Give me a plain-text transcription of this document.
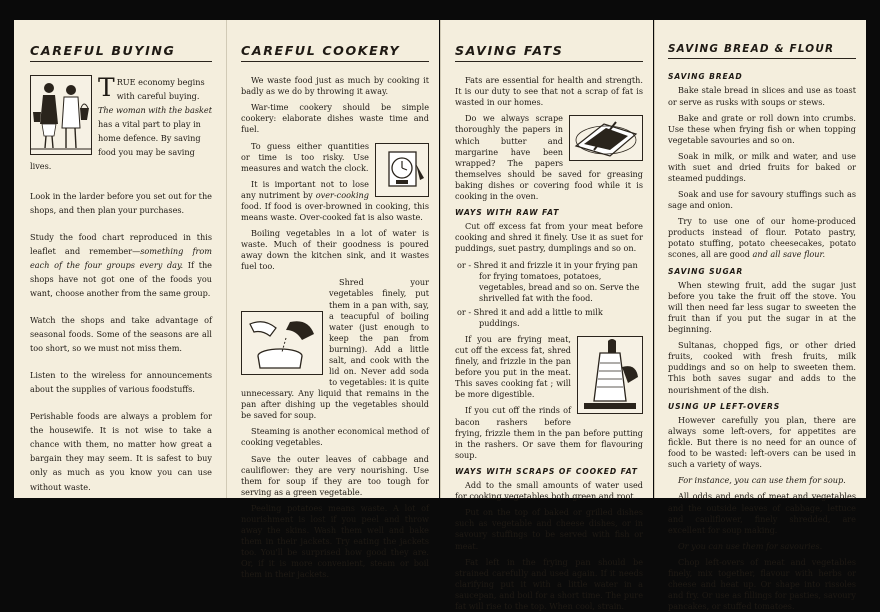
CAREFUL BUYING
TRUE economy begins with careful buying. The woman with the basket has a vital part to play in home defence. By saving food you may be saving lives.

Look in the larder before you set out for the shops, and then plan your purchases.

Study the food chart reproduced in this leaflet and remember—something from each of the four groups every day. If the shops have not got one of the foods you want, choose another from the same group.

Watch the shops and take advantage of seasonal foods. Some of the seasons are all too short, so we must not miss them.

Listen to the wireless for announcements about the supplies of various foodstuffs.

Perishable foods are always a problem for the housewife. It is not wise to take a chance with them, no matter how great a bargain they may seem. It is safest to buy only as much as you know you can use without waste.

CAREFUL COOKERY

We waste food just as much by cooking it badly as we do by throwing it away.

War-time cookery should be simple cookery: elaborate dishes waste time and fuel.

To guess either quantities or time is too risky. Use measures and watch the clock.

It is important not to lose any nutriment by over-cooking food. If food is over-browned in cooking, this means waste. Over-cooked fat is also waste.

Boiling vegetables in a lot of water is waste. Much of their goodness is poured away down the kitchen sink, and it wastes fuel too.

Shred your vegetables finely, put them in a pan with, say, a teacupful of boiling water (just enough to keep the pan from burning). Add a little salt, and cook with the lid on. Never add soda to vegetables: it is quite unnecessary. Any liquid that remains in the pan after dishing up the vegetables should be saved for soup.

Steaming is another economical method of cooking vegetables.

Save the outer leaves of cabbage and cauliflower: they are very nourishing. Use them for soup if they are too tough for serving as a green vegetable.

Peeling potatoes means waste. A lot of nourishment is lost if you peel and throw away the skins. Wash them well and bake them in their jackets. Try eating the jackets too. You'll be surprised how good they are. Or, if it is more convenient, steam or boil them in their jackets.

SAVING FATS

Fats are essential for health and strength. It is our duty to see that not a scrap of fat is wasted in our homes.

Do we always scrape thoroughly the papers in which butter and margarine have been wrapped? The papers themselves should be saved for greasing baking dishes or covering food while it is cooking in the oven.

WAYS WITH RAW FAT

Cut off excess fat from your meat before cooking and shred it finely. Use it as suet for puddings, suet pastry, dumplings and so on.

or - Shred it and frizzle it in your frying pan for frying tomatoes, potatoes, vegetables, bread and so on. Serve the shrivelled fat with the food.
or - Shred it and add a little to milk puddings.

If you are frying meat, cut off the excess fat, shred finely, and frizzle in the pan before you put in the meat. This saves cooking fat ; will be more digestible.

If you cut off the rinds of bacon rashers before frying, frizzle them in the pan before putting in the rashers. Or save them for flavouring soup.

WAYS WITH SCRAPS OF COOKED FAT

Add to the small amounts of water used for cooking vegetables both green and root.

Put on the top of baked or grilled dishes such as vegetable and cheese dishes, or in savoury stuffings to be served with fish or meat.

Fat left in the frying pan should be strained carefully and used again. If it needs clarifying put it with a little water in a saucepan, and boil for a short time. The pure fat will rise to the top. When cool, strain.

SAVING BREAD & FLOUR
SAVING BREAD

Bake stale bread in slices and use as toast or serve as rusks with soups or stews.

Bake and grate or roll down into crumbs. Use these when frying fish or when topping vegetable savouries and so on.

Soak in milk, or milk and water, and use with suet and dried fruits for baked or steamed puddings.

Soak and use for savoury stuffings such as sage and onion.

Try to use one of our home-produced products instead of flour. Potato pastry, potato stuffing, potato cheesecakes, potato scones, all are good and all save flour.

SAVING SUGAR

When stewing fruit, add the sugar just before you take the fruit off the stove. You will then need far less sugar to sweeten the fruit than if you put the sugar in at the beginning.

Sultanas, chopped figs, or other dried fruits, cooked with fresh fruits, milk puddings and so on help to sweeten them. This both saves sugar and adds to the nourishment of the dish.

USING UP LEFT-OVERS

However carefully you plan, there are always some left-overs, for appetites are fickle. But there is no need for an ounce of food to be wasted: left-overs can be used in such a variety of ways.

For instance, you can use them for soup.

All odds and ends of meat and vegetables and the outside leaves of cabbage, lettuce and cauliflower, finely shredded, are excellent for soup making.

Or you can use them for savouries.

Chop left-overs of meat and vegetables finely, mix together, flavour with herbs or cheese and heat up. Or shape into rissoles and fry. Or use as fillings for pasties, savoury pancakes, or stuffed tomatoes.
